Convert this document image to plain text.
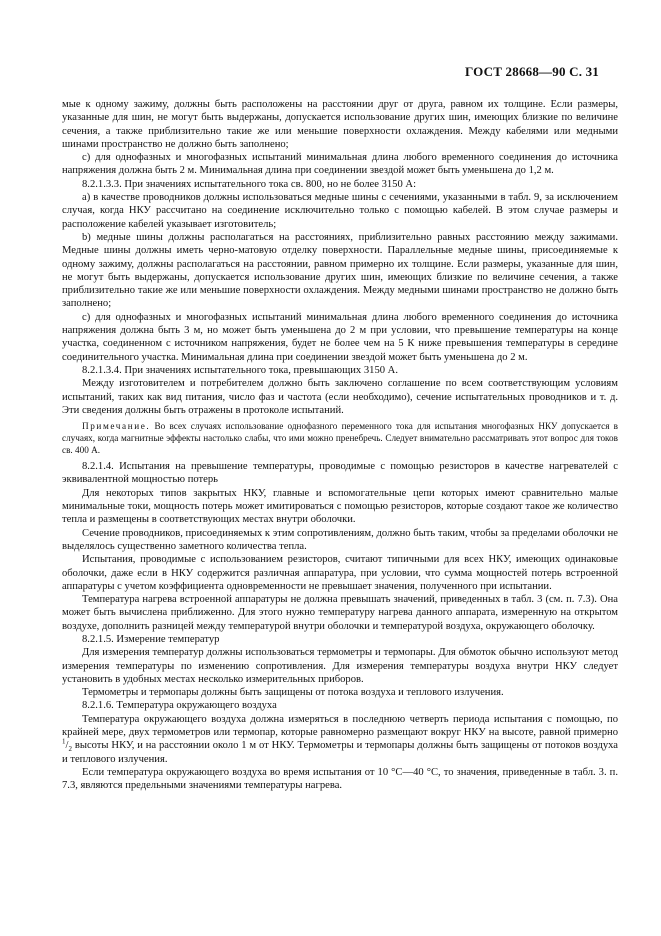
ГОСТ 28668—90 С. 31

мые к одному зажиму, должны быть расположены на расстоянии друг от друга, равном их толщине. Если размеры, указанные для шин, не могут быть выдержаны, допускается использование других шин, имеющих близкие по величине сечения, а также приблизительно такие же или меньшие поверхности охлаждения. Между кабелями или медными шинами пространство не должно быть заполнено;

с) для однофазных и многофазных испытаний минимальная длина любого временного соединения до источника напряжения должна быть 2 м. Минимальная длина при соединении звездой может быть уменьшена до 1,2 м.

8.2.1.3.3. При значениях испытательного тока св. 800, но не более 3150 А:

а) в качестве проводников должны использоваться медные шины с сечениями, указанными в табл. 9, за исключением случая, когда НКУ рассчитано на соединение исключительно только с помощью кабелей. В этом случае размеры и расположение кабелей указывает изготовитель;

b) медные шины должны располагаться на расстояниях, приблизительно равных расстоянию между зажимами. Медные шины должны иметь черно-матовую отделку поверхности. Параллельные медные шины, присоединяемые к одному зажиму, должны располагаться на расстоянии, равном примерно их толщине. Если размеры, указанные для шин, не могут быть выдержаны, допускается использование других шин, имеющих близкие по величине сечения, а также приблизительно такие же или меньшие поверхности охлаждения. Между медными шинами пространство не должно быть заполнено;

с) для однофазных и многофазных испытаний минимальная длина любого временного соединения до источника напряжения должна быть 3 м, но может быть уменьшена до 2 м при условии, что превышение температуры на конце участка, соединенном с источником напряжения, будет не более чем на 5 К ниже превышения температуры в середине соединительного участка. Минимальная длина при соединении звездой может быть уменьшена до 2 м.

8.2.1.3.4. При значениях испытательного тока, превышающих 3150 А.

Между изготовителем и потребителем должно быть заключено соглашение по всем соответствующим условиям испытаний, таких как вид питания, число фаз и частота (если необходимо), сечение испытательных проводников и т. д. Эти сведения должны быть отражены в протоколе испытаний.

Примечание. Во всех случаях использование однофазного переменного тока для испытания многофазных НКУ допускается в случаях, когда магнитные эффекты настолько слабы, что ими можно пренебречь. Следует внимательно рассматривать этот вопрос для токов св. 400 А.

8.2.1.4. Испытания на превышение температуры, проводимые с помощью резисторов в качестве нагревателей с эквивалентной мощностью потерь

Для некоторых типов закрытых НКУ, главные и вспомогательные цепи которых имеют сравнительно малые минимальные токи, мощность потерь может имитироваться с помощью резисторов, которые создают такое же количество тепла и размещены в соответствующих местах внутри оболочки.

Сечение проводников, присоединяемых к этим сопротивлениям, должно быть таким, чтобы за пределами оболочки не выделялось существенно заметного количества тепла.

Испытания, проводимые с использованием резисторов, считают типичными для всех НКУ, имеющих одинаковые оболочки, даже если в НКУ содержится различная аппаратура, при условии, что сумма мощностей потерь встроенной аппаратуры с учетом коэффициента одновременности не превышает значения, полученного при испытании.

Температура нагрева встроенной аппаратуры не должна превышать значений, приведенных в табл. 3 (см. п. 7.3). Она может быть вычислена приближенно. Для этого нужно температуру нагрева данного аппарата, измеренную на открытом воздухе, дополнить разницей между температурой внутри оболочки и температурой воздуха, окружающего оболочку.

8.2.1.5. Измерение температур

Для измерения температур должны использоваться термометры и термопары. Для обмоток обычно используют метод измерения температуры по изменению сопротивления. Для измерения температуры воздуха внутри НКУ следует установить в удобных местах несколько измерительных приборов.

Термометры и термопары должны быть защищены от потока воздуха и теплового излучения.

8.2.1.6. Температура окружающего воздуха

Температура окружающего воздуха должна измеряться в последнюю четверть периода испытания с помощью, по крайней мере, двух термометров или термопар, которые равномерно размещают вокруг НКУ на высоте, равной примерно $^1/_2$ высоты НКУ, и на расстоянии около 1 м от НКУ. Термометры и термопары должны быть защищены от потоков воздуха и теплового излучения.

Если температура окружающего воздуха во время испытания от 10 °С—40 °С, то значения, приведенные в табл. 3. п. 7.3, являются предельными значениями температуры нагрева.
